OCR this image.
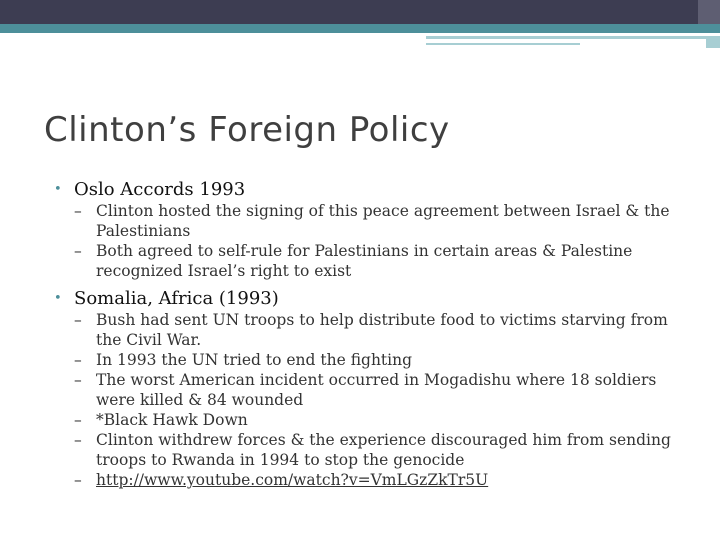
Clinton’s Foreign Policy
• Oslo Accords 1993
– Clinton hosted the signing of this peace agreement between Israel & the Palestinians
– Both agreed to self-rule for Palestinians in certain areas & Palestine recognized Israel’s right to exist
• Somalia, Africa (1993)
– Bush had sent UN troops to help distribute food to victims starving from the Civil War.
– In 1993 the UN tried to end the fighting
– The worst American incident occurred in Mogadishu where 18 soldiers were killed & 84 wounded
– *Black Hawk Down
– Clinton withdrew forces & the experience discouraged him from sending troops to Rwanda in 1994 to stop the genocide
– http://www.youtube.com/watch?v=VmLGzZkTr5U
